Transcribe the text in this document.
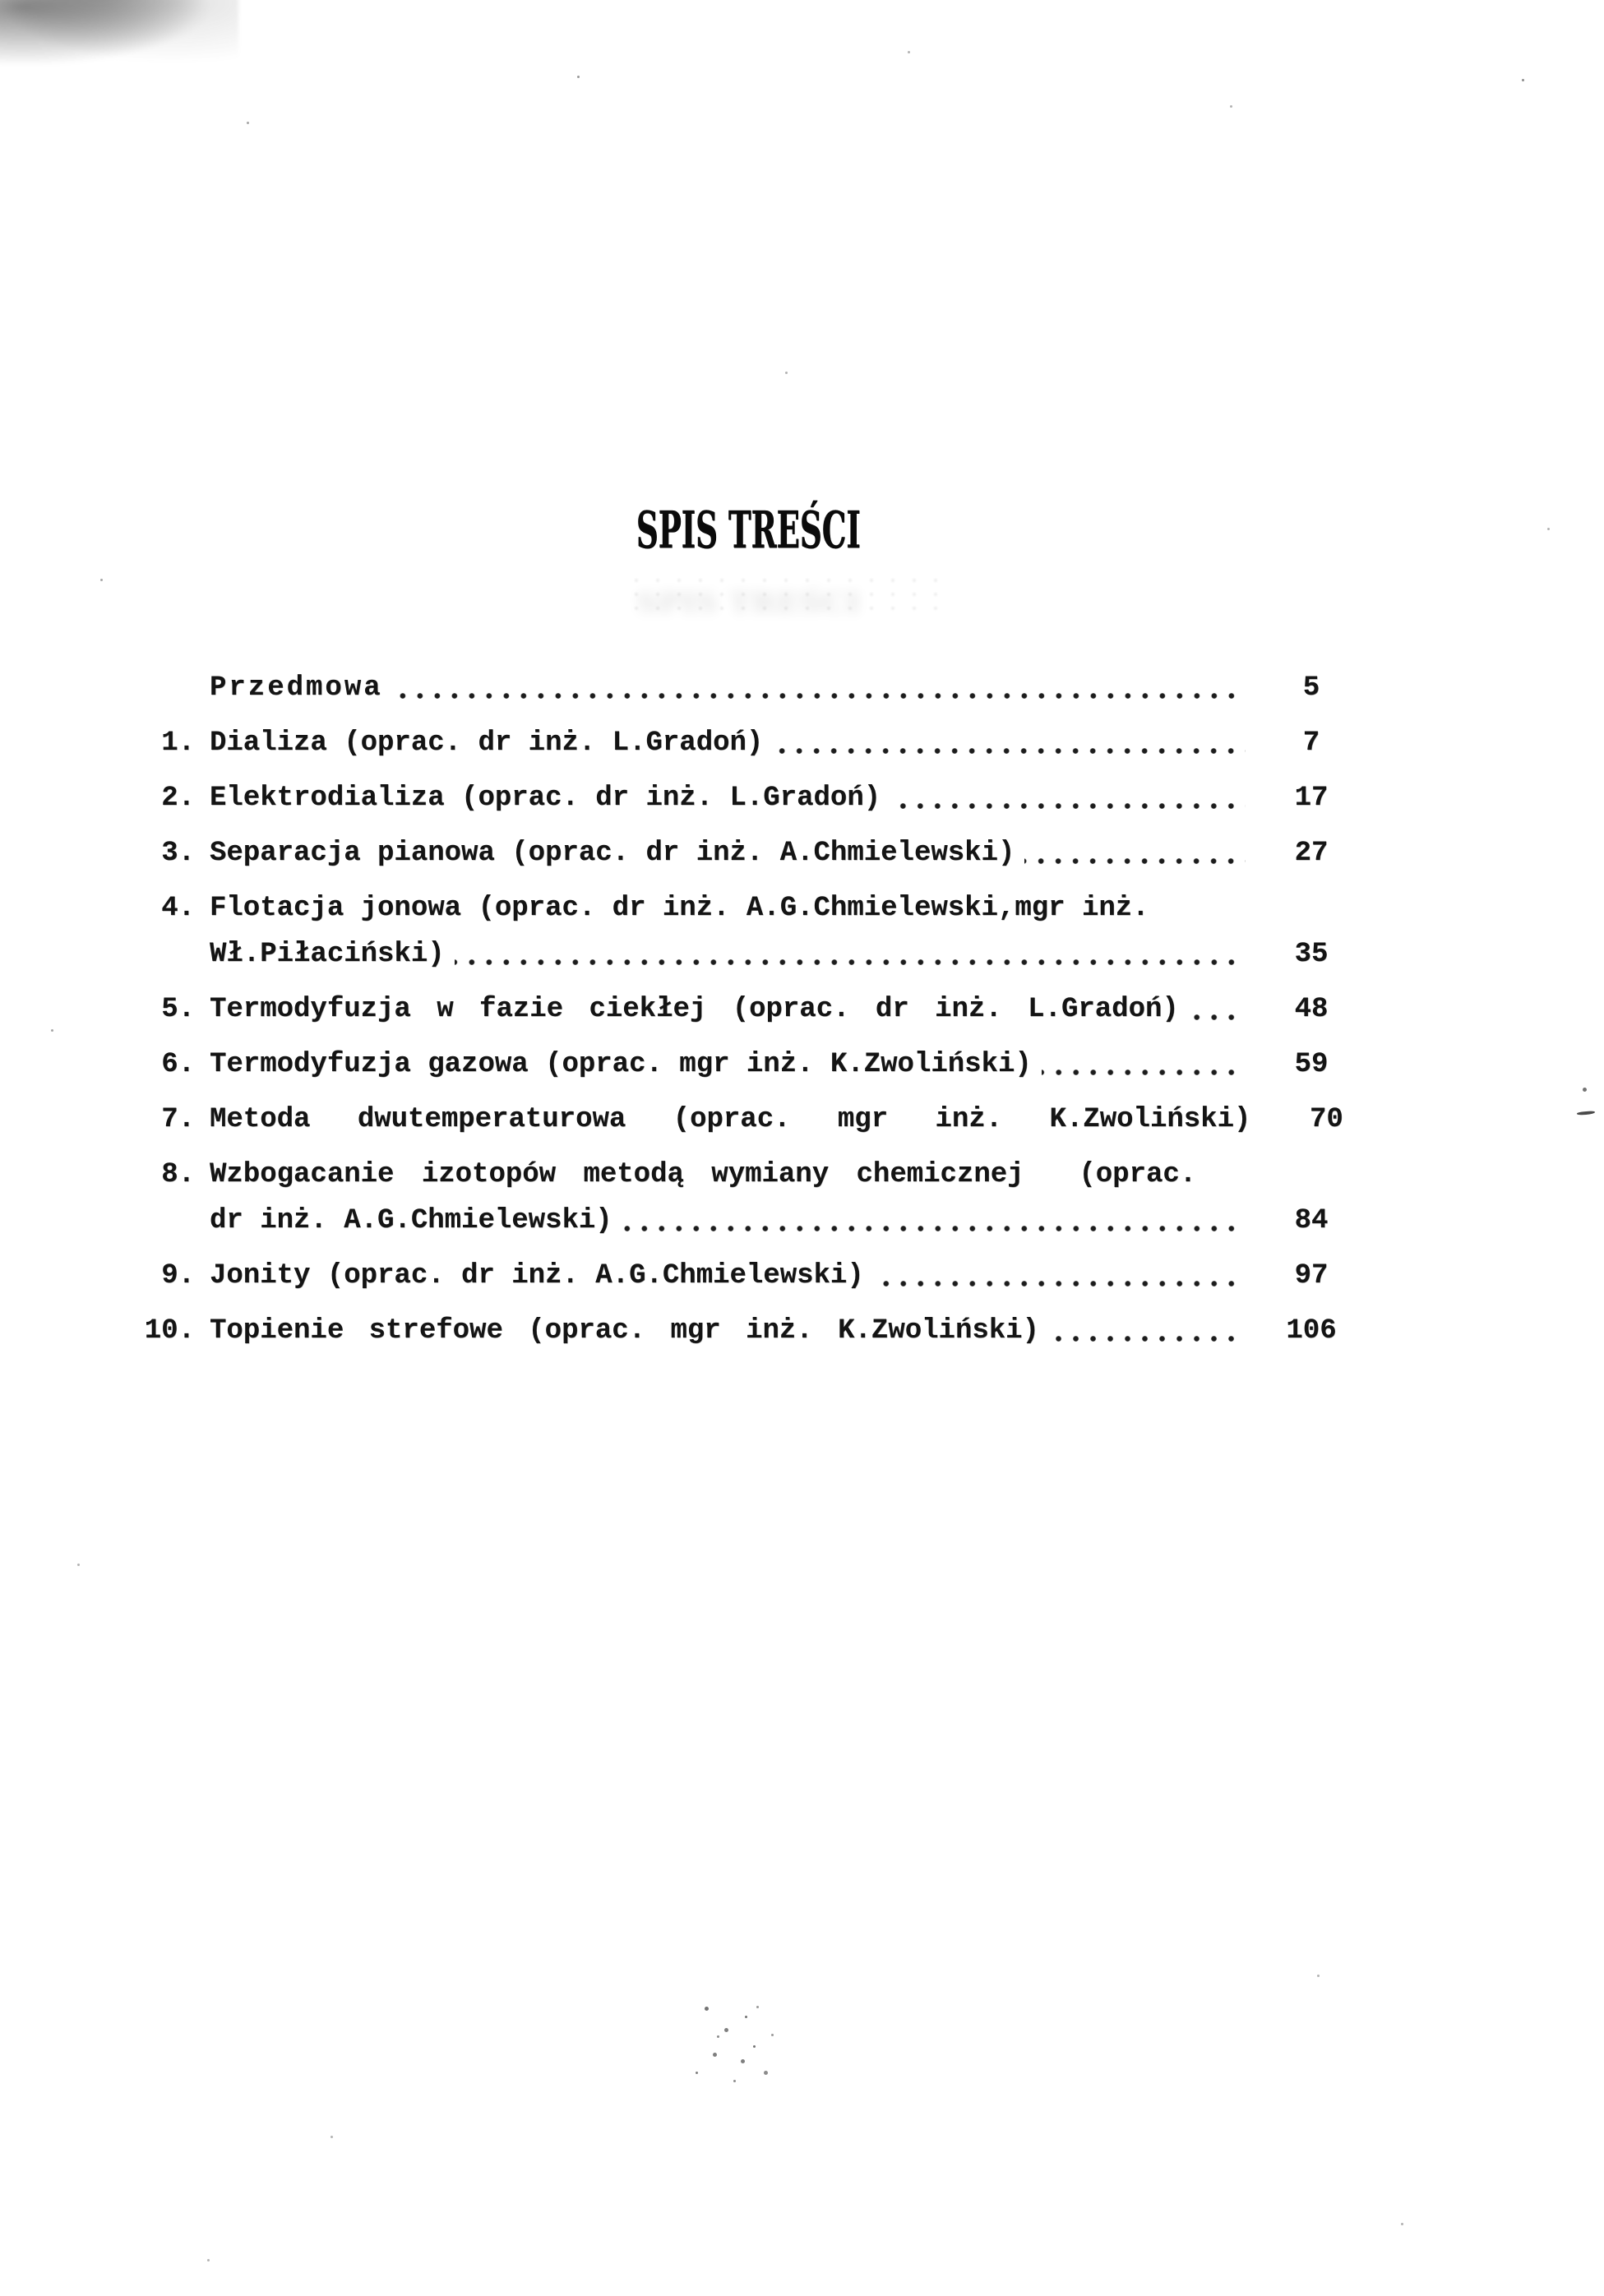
SPIS TREŚCI
SPIS TREŚCI
Przedmowa	5
1. Dializa (oprac. dr inż. L.Gradoń)	7
2. Elektrodializa (oprac. dr inż. L.Gradoń)	17
3. Separacja pianowa (oprac. dr inż. A.Chmielewski)	27
4. Flotacja jonowa (oprac. dr inż. A.G.Chmielewski,mgr inż.
Wł.Piłaciński)	35
5. Termodyfuzja w fazie ciekłej (oprac. dr inż. L.Gradoń)	48
6. Termodyfuzja gazowa (oprac. mgr inż. K.Zwoliński)	59
7. Metoda dwutemperaturowa (oprac. mgr inż. K.Zwoliński)	70
8. Wzbogacanie izotopów metodą wymiany chemicznej  (oprac.
dr inż. A.G.Chmielewski)	84
9. Jonity (oprac. dr inż. A.G.Chmielewski)	97
10. Topienie strefowe (oprac. mgr inż. K.Zwoliński)	106
